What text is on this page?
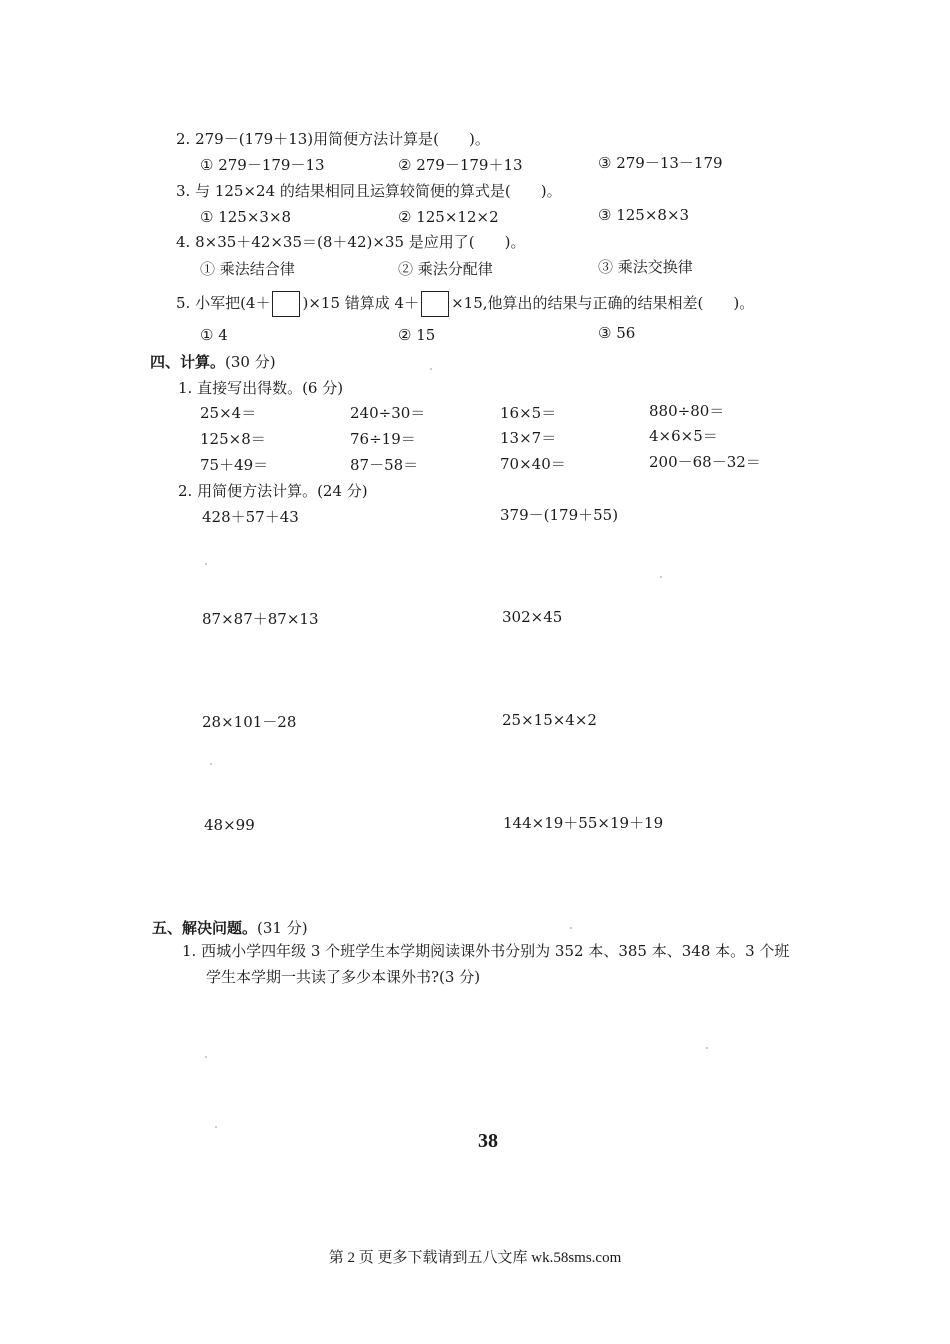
2. 279－(179＋13)用简便方法计算是(　　)。
① 279－179－13	② 279－179＋13	③ 279－13－179
3. 与 125×24 的结果相同且运算较简便的算式是(　　)。
① 125×3×8	② 125×12×2	③ 125×8×3
4. 8×35＋42×35＝(8＋42)×35 是应用了(　　)。
① 乘法结合律	② 乘法分配律	③ 乘法交换律
5. 小军把(4＋ )×15 错算成 4＋ ×15,他算出的结果与正确的结果相差(　　)。
① 4	② 15	③ 56
四、计算。(30 分)
1. 直接写出得数。(6 分)
25×4＝	240÷30＝	16×5＝	880÷80＝
125×8＝	76÷19＝	13×7＝	4×6×5＝
75＋49＝	87－58＝	70×40＝	200－68－32＝
2. 用简便方法计算。(24 分)
428＋57＋43	379－(179＋55)
87×87＋87×13	302×45
28×101－28	25×15×4×2
48×99	144×19＋55×19＋19
五、解决问题。(31 分)
1. 西城小学四年级 3 个班学生本学期阅读课外书分别为 352 本、385 本、348 本。3 个班
学生本学期一共读了多少本课外书?(3 分)
38
第 2 页 更多下载请到五八文库 wk.58sms.com
